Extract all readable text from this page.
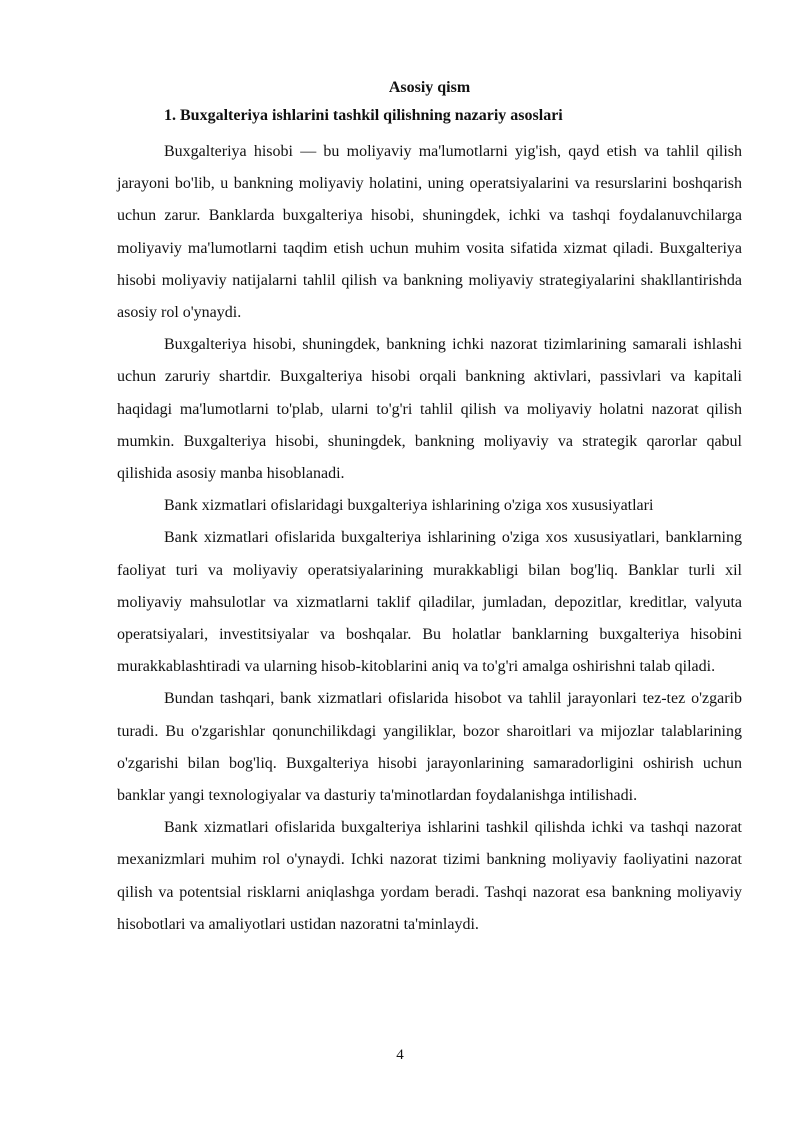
Asosiy qism
1. Buxgalteriya ishlarini tashkil qilishning nazariy asoslari

Buxgalteriya hisobi — bu moliyaviy ma'lumotlarni yig'ish, qayd etish va tahlil qilish jarayoni bo'lib, u bankning moliyaviy holatini, uning operatsiyalarini va resurslarini boshqarish uchun zarur. Banklarda buxgalteriya hisobi, shuningdek, ichki va tashqi foydalanuvchilarga moliyaviy ma'lumotlarni taqdim etish uchun muhim vosita sifatida xizmat qiladi. Buxgalteriya hisobi moliyaviy natijalarni tahlil qilish va bankning moliyaviy strategiyalarini shakllantirishda asosiy rol o'ynaydi.

Buxgalteriya hisobi, shuningdek, bankning ichki nazorat tizimlarining samarali ishlashi uchun zaruriy shartdir. Buxgalteriya hisobi orqali bankning aktivlari, passivlari va kapitali haqidagi ma'lumotlarni to'plab, ularni to'g'ri tahlil qilish va moliyaviy holatni nazorat qilish mumkin. Buxgalteriya hisobi, shuningdek, bankning moliyaviy va strategik qarorlar qabul qilishida asosiy manba hisoblanadi.

Bank xizmatlari ofislaridagi buxgalteriya ishlarining o'ziga xos xususiyatlari

Bank xizmatlari ofislarida buxgalteriya ishlarining o'ziga xos xususiyatlari, banklarning faoliyat turi va moliyaviy operatsiyalarining murakkabligi bilan bog'liq. Banklar turli xil moliyaviy mahsulotlar va xizmatlarni taklif qiladilar, jumladan, depozitlar, kreditlar, valyuta operatsiyalari, investitsiyalar va boshqalar. Bu holatlar banklarning buxgalteriya hisobini murakkablashtiradi va ularning hisob-kitoblarini aniq va to'g'ri amalga oshirishni talab qiladi.

Bundan tashqari, bank xizmatlari ofislarida hisobot va tahlil jarayonlari tez-tez o'zgarib turadi. Bu o'zgarishlar qonunchilikdagi yangiliklar, bozor sharoitlari va mijozlar talablarining o'zgarishi bilan bog'liq. Buxgalteriya hisobi jarayonlarining samaradorligini oshirish uchun banklar yangi texnologiyalar va dasturiy ta'minotlardan foydalanishga intilishadi.

Bank xizmatlari ofislarida buxgalteriya ishlarini tashkil qilishda ichki va tashqi nazorat mexanizmlari muhim rol o'ynaydi. Ichki nazorat tizimi bankning moliyaviy faoliyatini nazorat qilish va potentsial risklarni aniqlashga yordam beradi. Tashqi nazorat esa bankning moliyaviy hisobotlari va amaliyotlari ustidan nazoratni ta'minlaydi.

4
